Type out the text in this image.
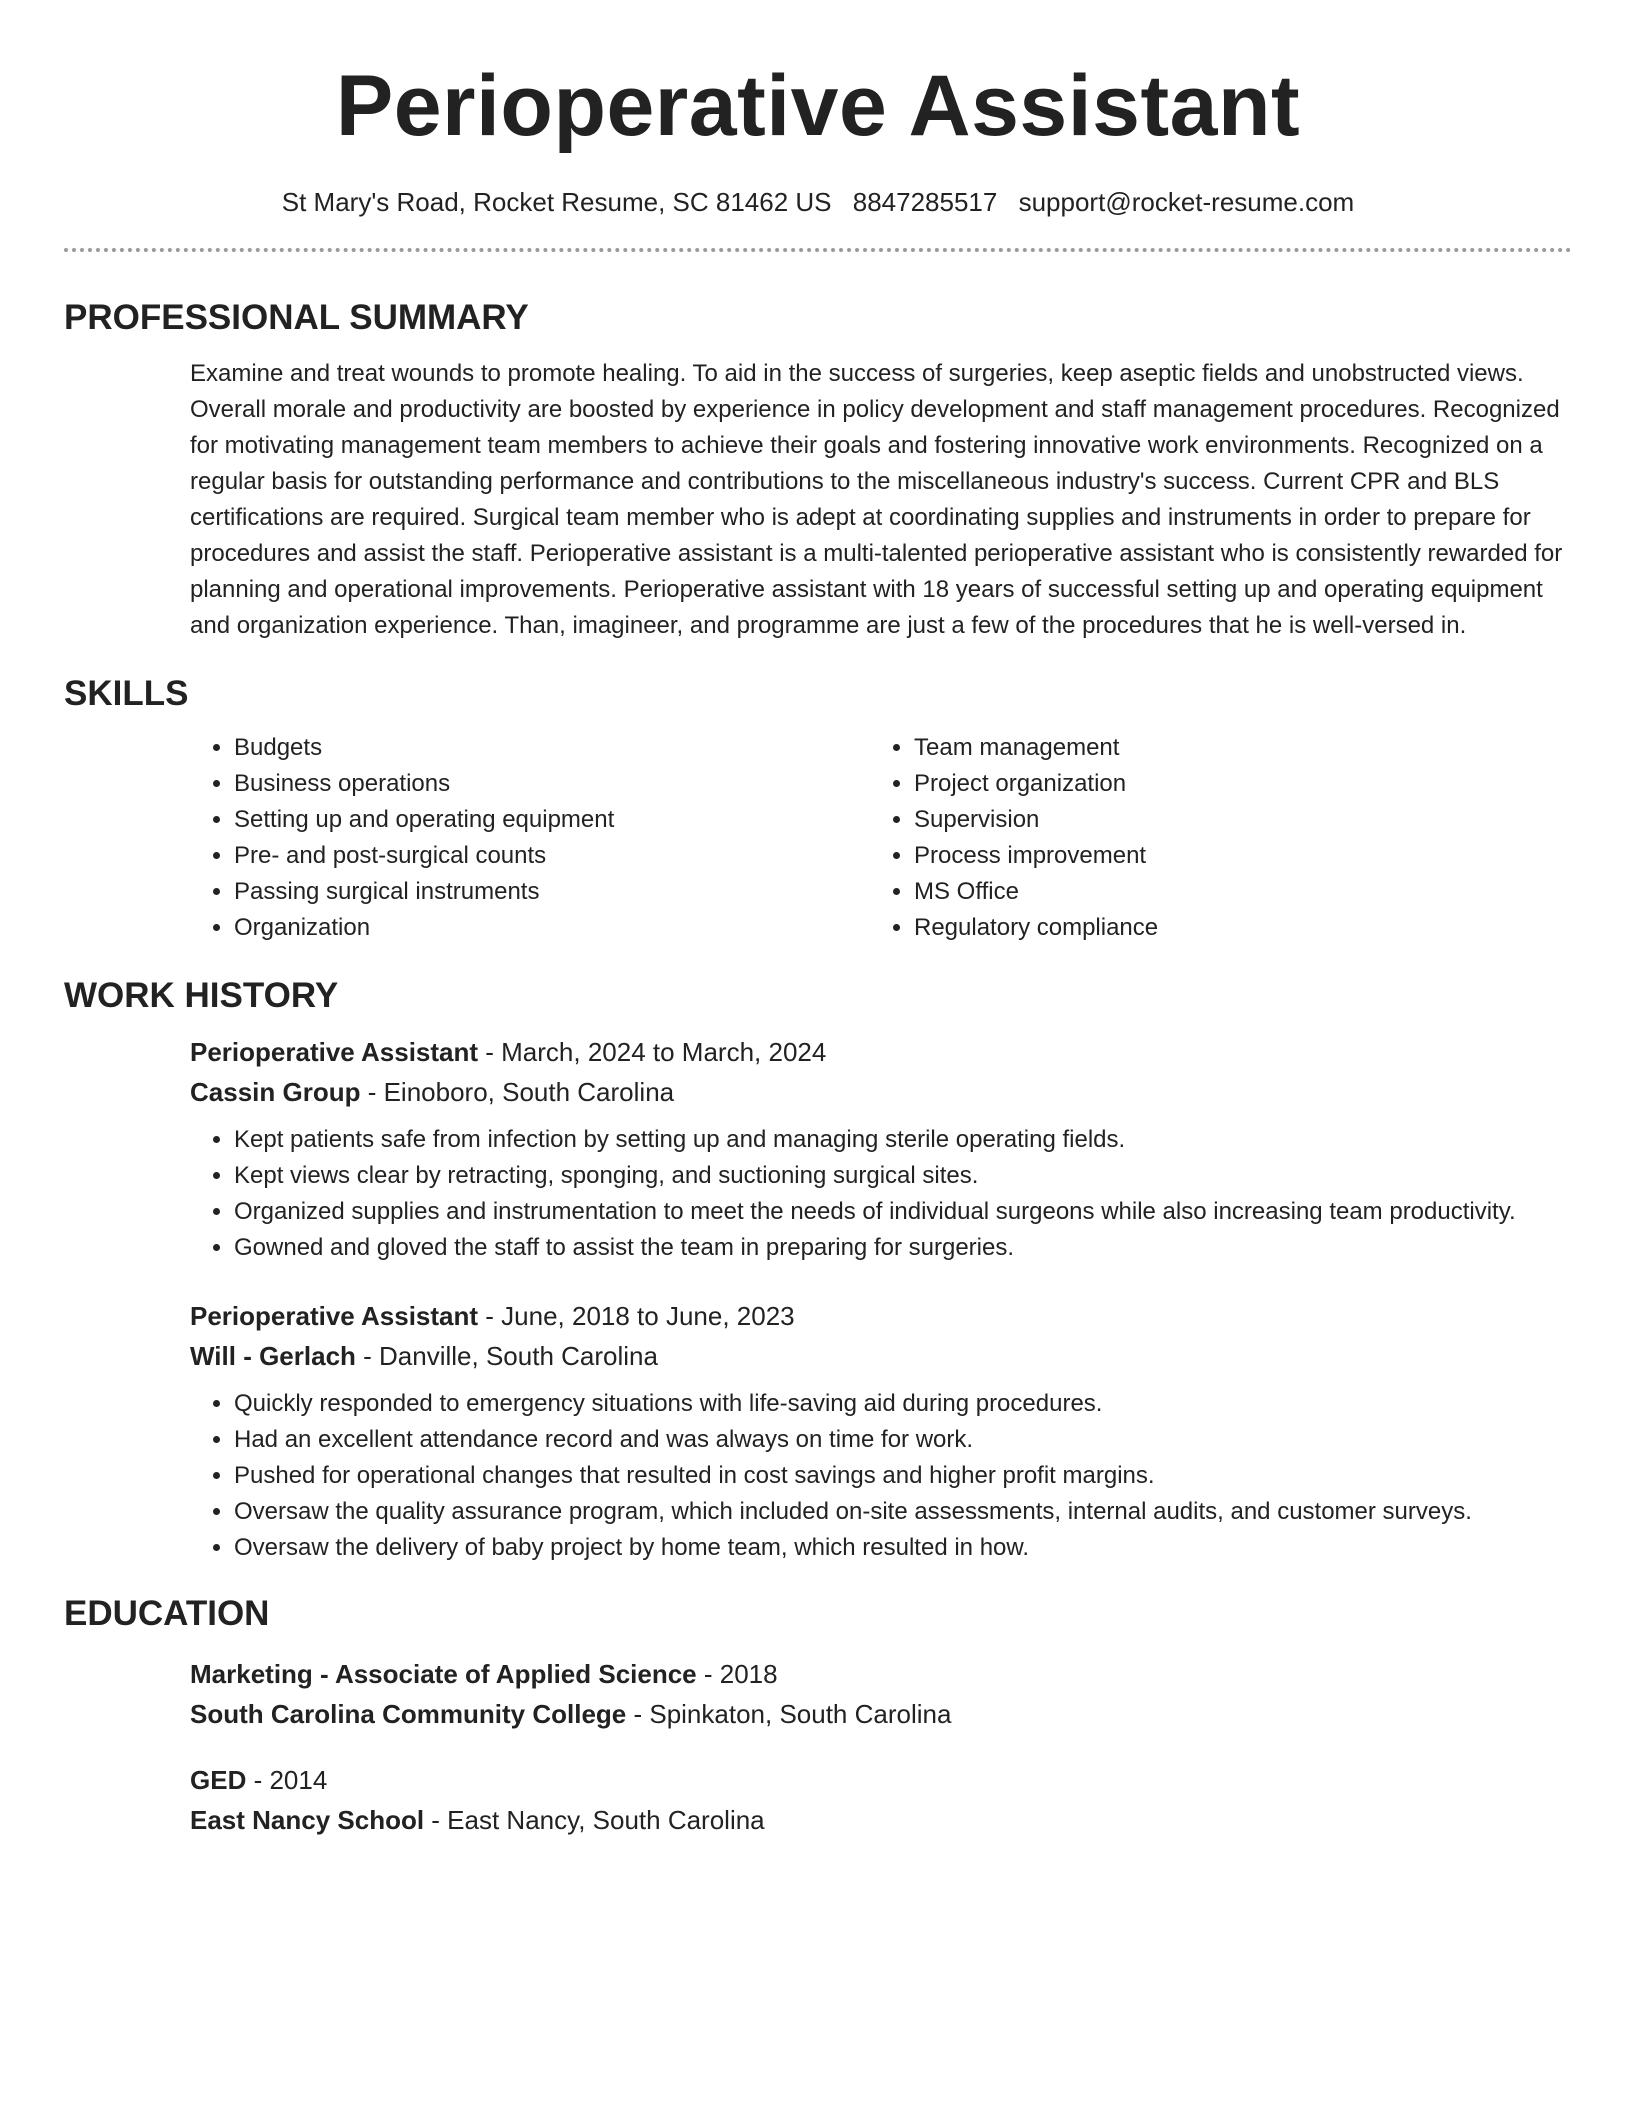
Perioperative Assistant
St Mary's Road, Rocket Resume, SC 81462 US 8847285517 support@rocket-resume.com
PROFESSIONAL SUMMARY
Examine and treat wounds to promote healing. To aid in the success of surgeries, keep aseptic fields and unobstructed views. Overall morale and productivity are boosted by experience in policy development and staff management procedures. Recognized for motivating management team members to achieve their goals and fostering innovative work environments. Recognized on a regular basis for outstanding performance and contributions to the miscellaneous industry's success. Current CPR and BLS certifications are required. Surgical team member who is adept at coordinating supplies and instruments in order to prepare for procedures and assist the staff. Perioperative assistant is a multi-talented perioperative assistant who is consistently rewarded for planning and operational improvements. Perioperative assistant with 18 years of successful setting up and operating equipment and organization experience. Than, imagineer, and programme are just a few of the procedures that he is well-versed in.
SKILLS
• Budgets
• Business operations
• Setting up and operating equipment
• Pre- and post-surgical counts
• Passing surgical instruments
• Organization
• Team management
• Project organization
• Supervision
• Process improvement
• MS Office
• Regulatory compliance
WORK HISTORY
Perioperative Assistant - March, 2024 to March, 2024
Cassin Group - Einoboro, South Carolina
• Kept patients safe from infection by setting up and managing sterile operating fields.
• Kept views clear by retracting, sponging, and suctioning surgical sites.
• Organized supplies and instrumentation to meet the needs of individual surgeons while also increasing team productivity.
• Gowned and gloved the staff to assist the team in preparing for surgeries.
Perioperative Assistant - June, 2018 to June, 2023
Will - Gerlach - Danville, South Carolina
• Quickly responded to emergency situations with life-saving aid during procedures.
• Had an excellent attendance record and was always on time for work.
• Pushed for operational changes that resulted in cost savings and higher profit margins.
• Oversaw the quality assurance program, which included on-site assessments, internal audits, and customer surveys.
• Oversaw the delivery of baby project by home team, which resulted in how.
EDUCATION
Marketing - Associate of Applied Science - 2018
South Carolina Community College - Spinkaton, South Carolina
GED - 2014
East Nancy School - East Nancy, South Carolina
